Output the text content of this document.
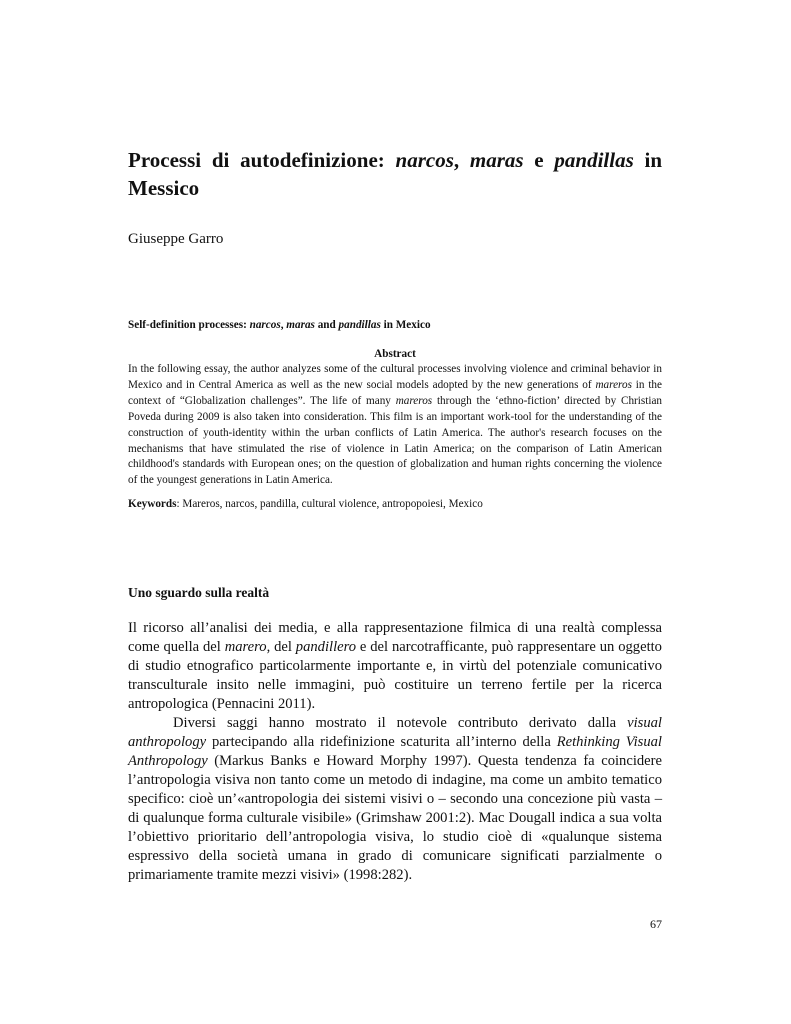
Processi di autodefinizione: narcos, maras e pandillas in Messico

Giuseppe Garro

Self-definition processes: narcos, maras and pandillas in Mexico

Abstract

In the following essay, the author analyzes some of the cultural processes involving violence and criminal behavior in Mexico and in Central America as well as the new social models adopted by the new generations of mareros in the context of “Globalization challenges”. The life of many mareros through the ‘ethno-fiction’ directed by Christian Poveda during 2009 is also taken into consideration. This film is an important work-tool for the understanding of the construction of youth-identity within the urban conflicts of Latin America. The author's research focuses on the mechanisms that have stimulated the rise of violence in Latin America; on the comparison of Latin American childhood's standards with European ones; on the question of globalization and human rights concerning the violence of the youngest generations in Latin America.

Keywords: Mareros, narcos, pandilla, cultural violence, antropopoiesi, Mexico

Uno sguardo sulla realtà

Il ricorso all’analisi dei media, e alla rappresentazione filmica di una realtà complessa come quella del marero, del pandillero e del narcotrafficante, può rappresentare un oggetto di studio etnografico particolarmente importante e, in virtù del potenziale comunicativo transculturale insito nelle immagini, può costituire un terreno fertile per la ricerca antropologica (Pennacini 2011).

Diversi saggi hanno mostrato il notevole contributo derivato dalla visual anthropology partecipando alla ridefinizione scaturita all’interno della Rethinking Visual Anthropology (Markus Banks e Howard Morphy 1997). Questa tendenza fa coincidere l’antropologia visiva non tanto come un metodo di indagine, ma come un ambito tematico specifico: cioè un’«antropologia dei sistemi visivi o – secondo una concezione più vasta – di qualunque forma culturale visibile» (Grimshaw 2001:2). Mac Dougall indica a sua volta l’obiettivo prioritario dell’antropologia visiva, lo studio cioè di «qualunque sistema espressivo della società umana in grado di comunicare significati parzialmente o primariamente tramite mezzi visivi» (1998:282).

67
